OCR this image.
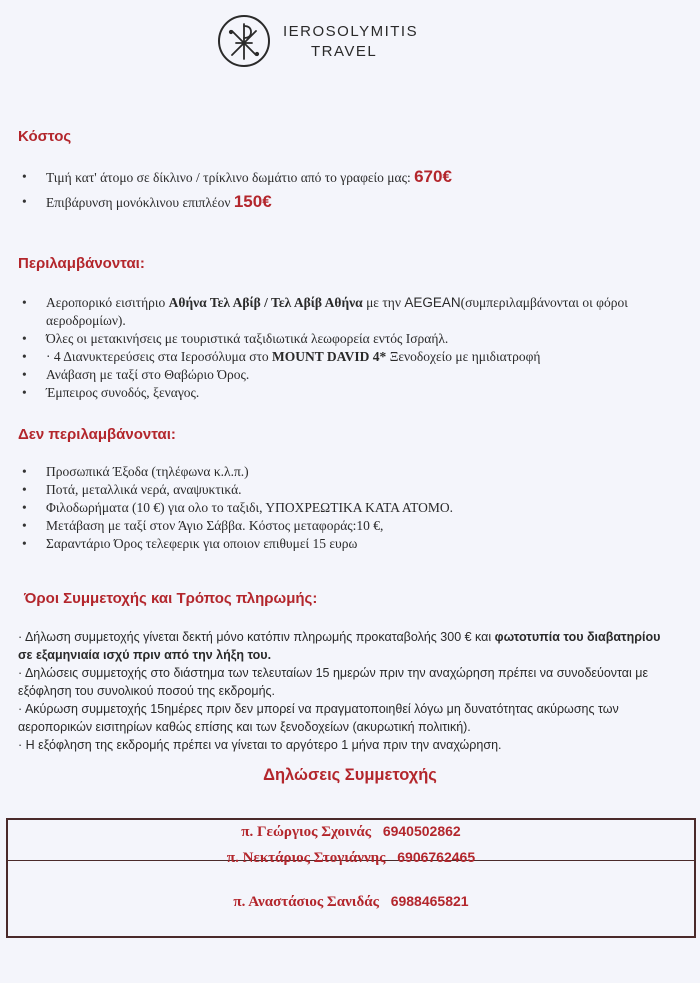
IEROSOLYMITIS
TRAVEL
Κόστος
• Τιμή κατ' άτομο σε δίκλινο / τρίκλινο δωμάτιο από το γραφείο μας: 670€
• Επιβάρυνση μονόκλινου επιπλέον 150€
Περιλαμβάνονται:
• Αεροπορικό εισιτήριο Αθήνα Τελ Αβίβ / Τελ Αβίβ Αθήνα με την AEGEAN(συμπεριλαμβάνονται οι φόροι αεροδρομίων).
• Όλες οι μετακινήσεις με τουριστικά ταξιδιωτικά λεωφορεία εντός Ισραήλ.
• · 4 Διανυκτερεύσεις στα Ιεροσόλυμα στο MOUNT DAVID 4* Ξενοδοχείο με ημιδιατροφή
• Ανάβαση με ταξί στο Θαβώριο Όρος.
• Έμπειρος συνοδός, ξεναγος.
Δεν περιλαμβάνονται:
• Προσωπικά Έξοδα (τηλέφωνα κ.λ.π.)
• Ποτά, μεταλλικά νερά, αναψυκτικά.
• Φιλοδωρήματα (10 €) για ολο το ταξιδι, ΥΠΟΧΡΕΩΤΙΚΑ ΚΑΤΑ ΑΤΟΜΟ.
• Μετάβαση με ταξί στον Άγιο Σάββα. Κόστος μεταφοράς:10 €,
• Σαραντάριο Όρος τελεφερικ για οποιον επιθυμεί 15 ευρω
Όροι Συμμετοχής και Τρόπος πληρωμής:

· Δήλωση συμμετοχής γίνεται δεκτή μόνο κατόπιν πληρωμής προκαταβολής 300 € και φωτοτυπία του διαβατηρίου σε εξαμηνιαία ισχύ πριν από την λήξη του.

· Δηλώσεις συμμετοχής στο διάστημα των τελευταίων 15 ημερών πριν την αναχώρηση πρέπει να συνοδεύονται με εξόφληση του συνολικού ποσού της εκδρομής.

· Ακύρωση συμμετοχής 15ημέρες πριν δεν μπορεί να πραγματοποιηθεί λόγω μη δυνατότητας ακύρωσης των αεροπορικών εισιτηρίων καθώς επίσης και των ξενοδοχείων (ακυρωτική πολιτική).

· Η εξόφληση της εκδρομής πρέπει να γίνεται το αργότερο 1 μήνα πριν την αναχώρηση.

Δηλώσεις Συμμετοχής
π. Γεώργιος Σχοινάς 6940502862
π. Νεκτάριος Στογιάννης 6906762465
π. Αναστάσιος Σανιδάς 6988465821
